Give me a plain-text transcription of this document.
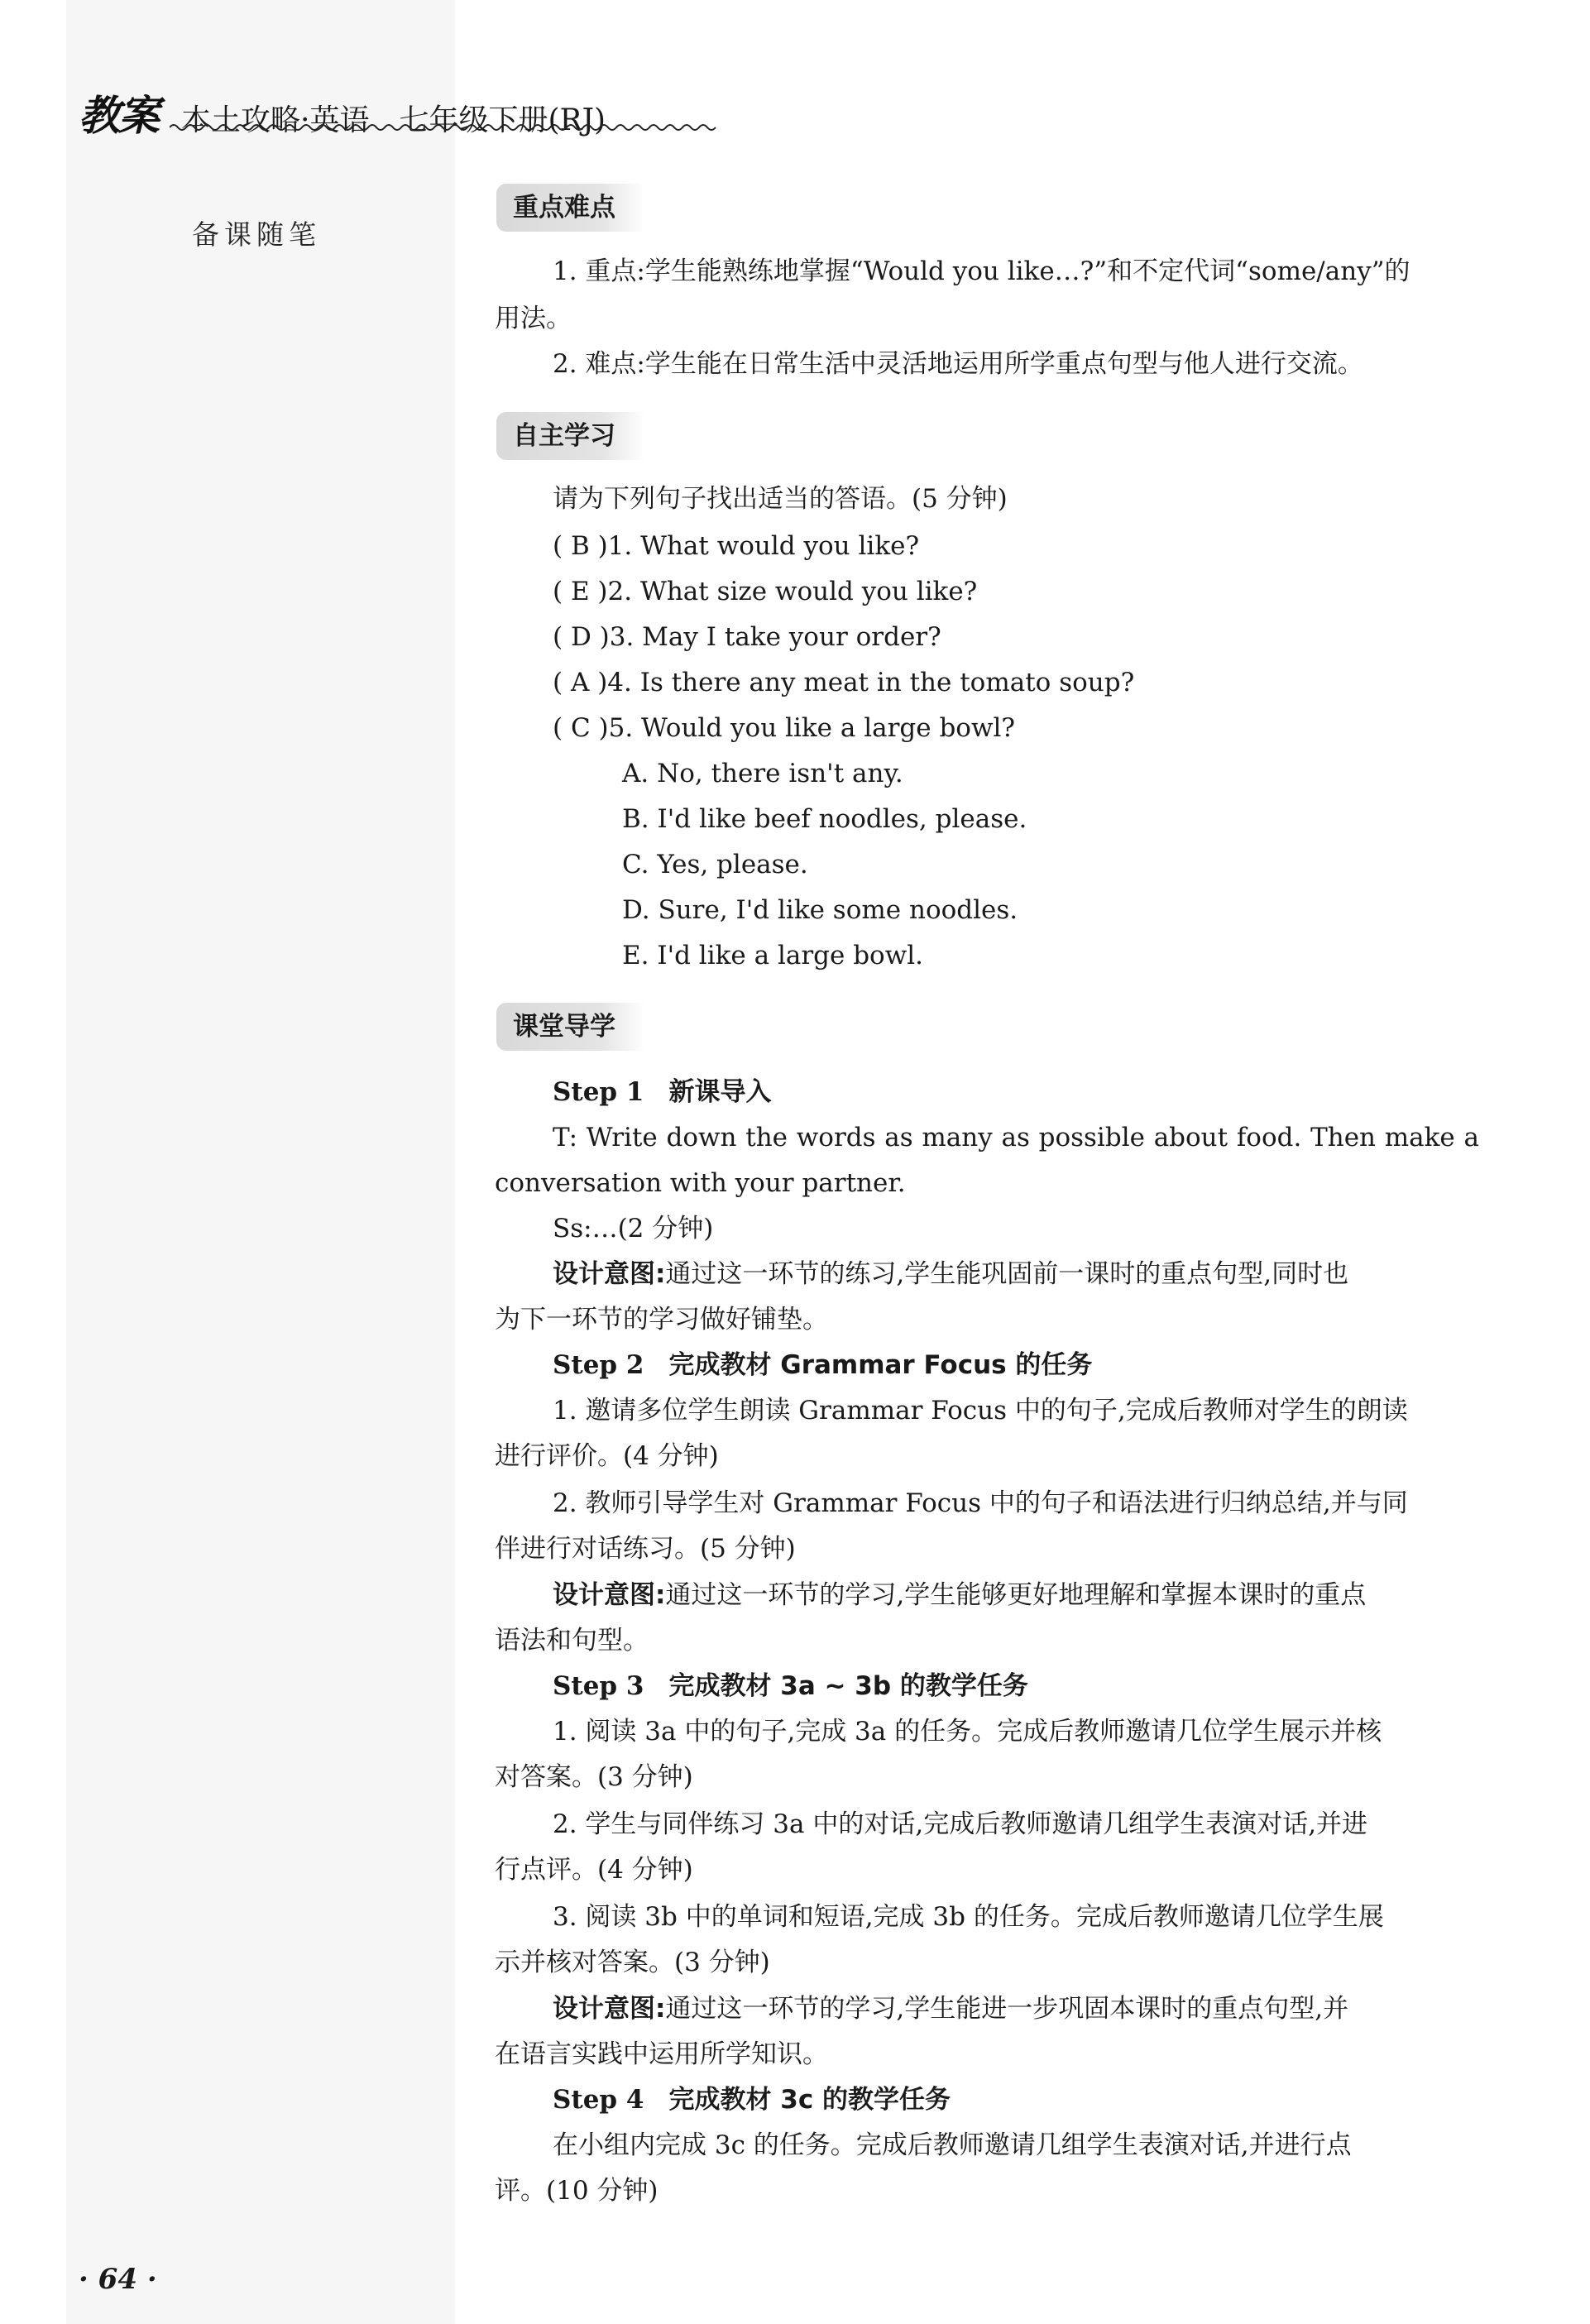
教案 本土攻略·英语 七年级下册(RJ)
备课随笔
重点难点
1. 重点:学生能熟练地掌握“Would you like…?”和不定代词“some/any”的
用法。
2. 难点:学生能在日常生活中灵活地运用所学重点句型与他人进行交流。
自主学习
请为下列句子找出适当的答语。(5 分钟)
( B )1. What would you like?
( E )2. What size would you like?
( D )3. May I take your order?
( A )4. Is there any meat in the tomato soup?
( C )5. Would you like a large bowl?
A. No, there isn't any.
B. I'd like beef noodles, please.
C. Yes, please.
D. Sure, I'd like some noodles.
E. I'd like a large bowl.
课堂导学
Step 1 新课导入
T: Write down the words as many as possible about food. Then make a
conversation with your partner.
Ss:…(2 分钟)
设计意图:通过这一环节的练习,学生能巩固前一课时的重点句型,同时也
为下一环节的学习做好铺垫。
Step 2 完成教材 Grammar Focus 的任务
1. 邀请多位学生朗读 Grammar Focus 中的句子,完成后教师对学生的朗读
进行评价。(4 分钟)
2. 教师引导学生对 Grammar Focus 中的句子和语法进行归纳总结,并与同
伴进行对话练习。(5 分钟)
设计意图:通过这一环节的学习,学生能够更好地理解和掌握本课时的重点
语法和句型。
Step 3 完成教材 3a ~ 3b 的教学任务
1. 阅读 3a 中的句子,完成 3a 的任务。完成后教师邀请几位学生展示并核
对答案。(3 分钟)
2. 学生与同伴练习 3a 中的对话,完成后教师邀请几组学生表演对话,并进
行点评。(4 分钟)
3. 阅读 3b 中的单词和短语,完成 3b 的任务。完成后教师邀请几位学生展
示并核对答案。(3 分钟)
设计意图:通过这一环节的学习,学生能进一步巩固本课时的重点句型,并
在语言实践中运用所学知识。
Step 4 完成教材 3c 的教学任务
在小组内完成 3c 的任务。完成后教师邀请几组学生表演对话,并进行点
评。(10 分钟)
· 64 ·
